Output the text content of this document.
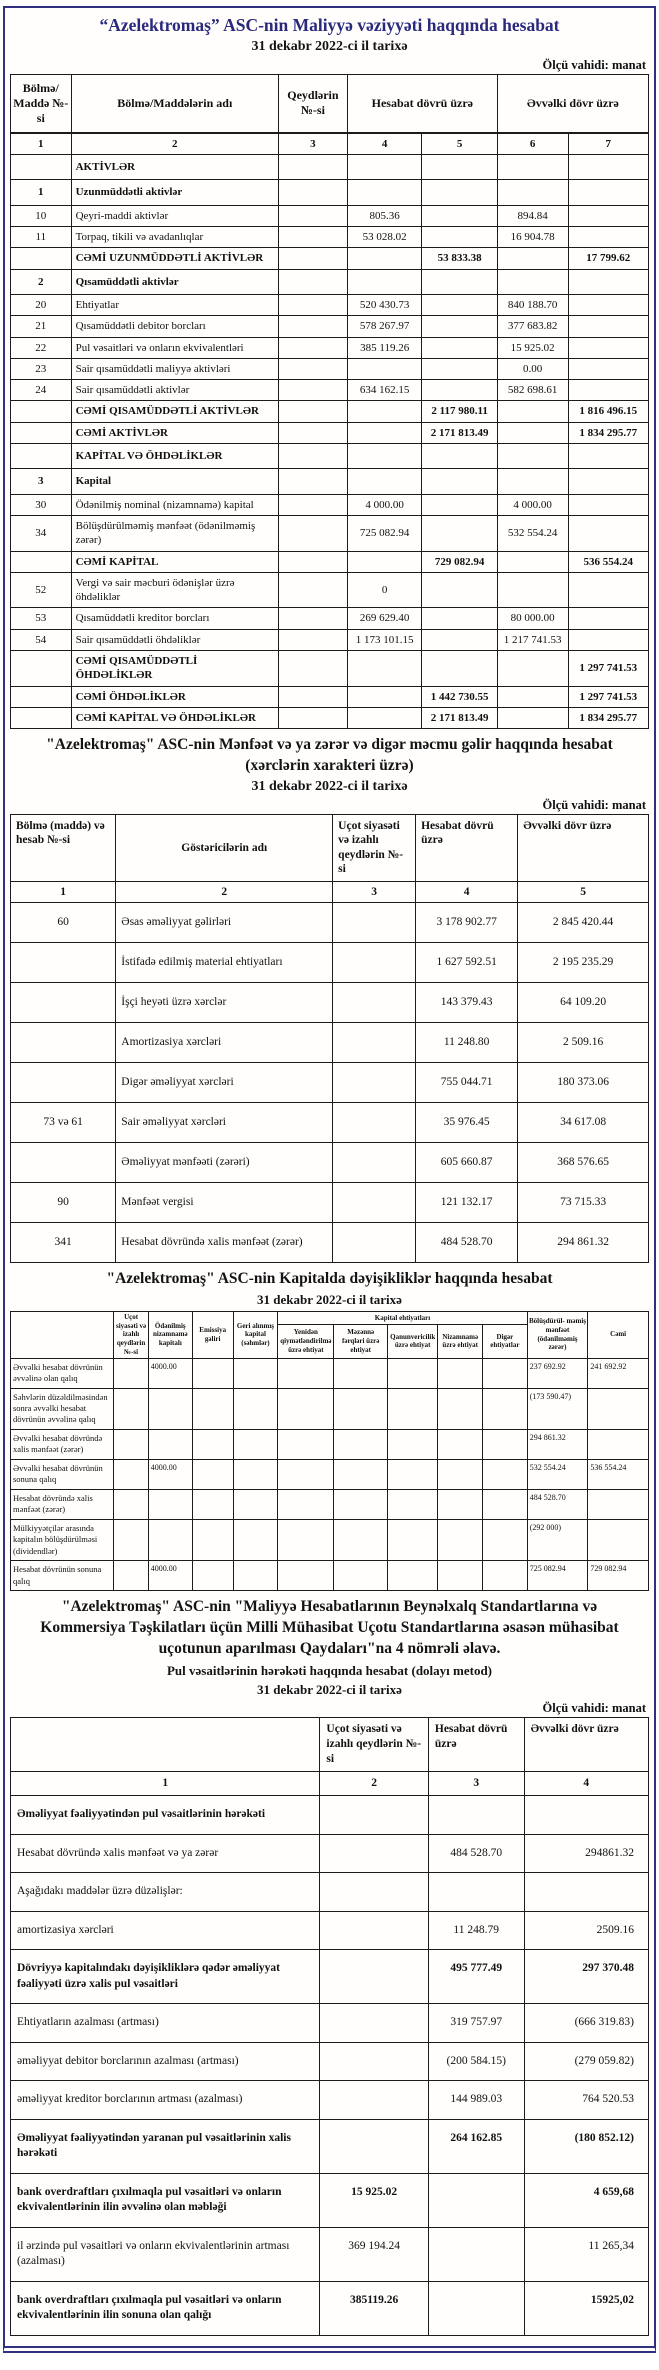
“Azelektromaş” ASC-nin Maliyyə vəziyyəti haqqında hesabat
31 dekabr 2022-ci il tarixə
Ölçü vahidi: manat
Bölmə/ Maddə №-si	Bölmə/Maddələrin adı	Qeydlərin №-si	Hesabat dövrü üzrə		Əvvəlki dövr üzrə	
1	2	3	4	5	6	7
	AKTİVLƏR					
1	Uzunmüddətli aktivlər					
10	Qeyri-maddi aktivlər		805.36		894.84	
11	Torpaq, tikili və avadanlıqlar		53 028.02		16 904.78	
	CƏMİ UZUNMÜDDƏTLİ AKTİVLƏR			53 833.38		17 799.62
2	Qısamüddətli aktivlər					
20	Ehtiyatlar		520 430.73		840 188.70	
21	Qısamüddətli debitor borcları		578 267.97		377 683.82	
22	Pul vəsaitləri və onların ekvivalentləri		385 119.26		15 925.02	
23	Sair qısamüddətli maliyyə aktivləri				0.00	
24	Sair qısamüddətli aktivlər		634 162.15		582 698.61	
	CƏMİ QISAMÜDDƏTLİ AKTİVLƏR			2 117 980.11		1 816 496.15
	CƏMİ AKTİVLƏR			2 171 813.49		1 834 295.77
	KAPİTAL VƏ ÖHDƏLİKLƏR					
3	Kapital					
30	Ödənilmiş nominal (nizamnamə) kapital		4 000.00		4 000.00	
34	Bölüşdürülməmiş mənfəət (ödənilməmiş zərər)		725 082.94		532 554.24	
	CƏMİ KAPİTAL			729 082.94		536 554.24
52	Vergi və sair məcburi ödənişlər üzrə öhdəliklər		0			
53	Qısamüddətli kreditor borcları		269 629.40		80 000.00	
54	Sair qısamüddətli öhdəliklər		1 173 101.15		1 217 741.53	
	CƏMİ QISAMÜDDƏTLİ ÖHDƏLİKLƏR					1 297 741.53
	CƏMİ ÖHDƏLİKLƏR			1 442 730.55		1 297 741.53
	CƏMİ KAPİTAL VƏ ÖHDƏLİKLƏR			2 171 813.49		1 834 295.77
"Azelektromaş" ASC-nin Mənfəət və ya zərər və digər məcmu gəlir haqqında hesabat (xərclərin xarakteri üzrə)
31 dekabr 2022-ci il tarixə
Ölçü vahidi: manat
Bölmə (maddə) və hesab №-si	Göstəricilərin adı	Uçot siyasəti və izahlı qeydlərin №-si	Hesabat dövrü üzrə	Əvvəlki dövr üzrə
1	2	3	4	5
60	Əsas əməliyyat gəlirləri		3 178 902.77	2 845 420.44
	İstifadə edilmiş material ehtiyatları		1 627 592.51	2 195 235.29
	İşçi heyəti üzrə xərclər		143 379.43	64 109.20
	Amortizasiya xərcləri		11 248.80	2 509.16
	Digər əməliyyat xərcləri		755 044.71	180 373.06
73 və 61	Sair əməliyyat xərcləri		35 976.45	34 617.08
	Əməliyyat mənfəəti (zərəri)		605 660.87	368 576.65
90	Mənfəət vergisi		121 132.17	73 715.33
341	Hesabat dövründə xalis mənfəət (zərər)		484 528.70	294 861.32
"Azelektromaş" ASC-nin Kapitalda dəyişikliklər haqqında hesabat
31 dekabr 2022-ci il tarixə
	Uçot siyasəti və izahlı qeydlərin №-si	Ödənilmiş nizamnamə kapitalı	Emissiya gəliri	Geri alınmış kapital (səhmlər)	Kapital ehtiyatları					Bölüşdürül- məmiş mənfəət (ödənilməmiş zərər)	Cəmi
					Yenidən qiymətləndirilmə üzrə ehtiyat	Məzənnə fərqləri üzrə ehtiyat	Qanunvericilik üzrə ehtiyat	Nizamnamə üzrə ehtiyat	Digər ehtiyatlar		
Əvvəlki hesabat dövrünün əvvəlinə olan qalıq		4000.00								237 692.92	241 692.92
Səhvlərin düzəldilməsindən sonra əvvəlki hesabat dövrünün əvvəlinə qalıq										(173 590.47)	
Əvvəlki hesabat dövründə xalis mənfəət (zərər)										294 861.32	
Əvvəlki hesabat dövrünün sonuna qalıq		4000.00								532 554.24	536 554.24
Hesabat dövründə xalis mənfəət (zərər)										484 528.70	
Mülkiyyətçilər arasında kapitalın bölüşdürülməsi (dividendlər)										(292 000)	
Hesabat dövrünün sonuna qalıq		4000.00								725 082.94	729 082.94
"Azelektromaş" ASC-nin "Maliyyə Hesabatlarının Beynəlxalq Standartlarına və Kommersiya Təşkilatları üçün Milli Mühasibat Uçotu Standartlarına əsasən mühasibat uçotunun aparılması Qaydaları"na 4 nömrəli əlavə.
Pul vəsaitlərinin hərəkəti haqqında hesabat (dolayı metod)
31 dekabr 2022-ci il tarixə
Ölçü vahidi: manat
	Uçot siyasəti və izahlı qeydlərin №-si	Hesabat dövrü üzrə	Əvvəlki dövr üzrə
1	2	3	4
Əməliyyat fəaliyyətindən pul vəsaitlərinin hərəkəti			
Hesabat dövründə xalis mənfəət və ya zərər		484 528.70	294861.32
Aşağıdakı maddələr üzrə düzəlişlər:			
amortizasiya xərcləri		11 248.79	2509.16
Dövriyyə kapitalındakı dəyişikliklərə qədər əməliyyat fəaliyyəti üzrə xalis pul vəsaitləri		495 777.49	297 370.48
Ehtiyatların azalması (artması)		319 757.97	(666 319.83)
əməliyyat debitor borclarının azalması (artması)		(200 584.15)	(279 059.82)
əməliyyat kreditor borclarının artması (azalması)		144 989.03	764 520.53
Əməliyyat fəaliyyətindən yaranan pul vəsaitlərinin xalis hərəkəti		264 162.85	(180 852.12)
bank overdraftları çıxılmaqla pul vəsaitləri və onların ekvivalentlərinin ilin əvvəlinə olan məbləği	15 925.02		4 659,68
il ərzində pul vəsaitləri və onların ekvivalentlərinin artması (azalması)	369 194.24		11 265,34
bank overdraftları çıxılmaqla pul vəsaitləri və onların ekvivalentlərinin ilin sonuna olan qalığı	385119.26		15925,02
